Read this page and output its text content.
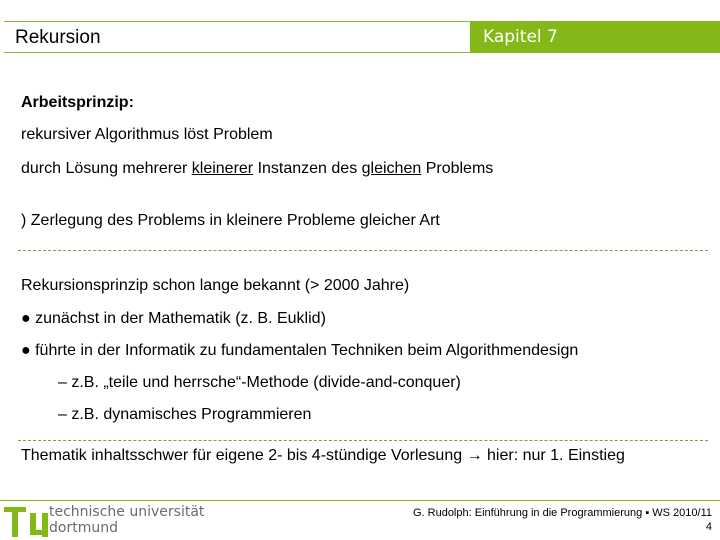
Rekursion	Kapitel 7
Arbeitsprinzip:
rekursiver Algorithmus löst Problem
durch Lösung mehrerer kleinerer Instanzen des gleichen Problems
) Zerlegung des Problems in kleinere Probleme gleicher Art
Rekursionsprinzip schon lange bekannt (> 2000 Jahre)
● zunächst in der Mathematik (z. B. Euklid)
● führte in der Informatik zu fundamentalen Techniken beim Algorithmendesign
– z.B. „teile und herrsche“-Methode (divide-and-conquer)
– z.B. dynamisches Programmieren
Thematik inhaltsschwer für eigene 2- bis 4-stündige Vorlesung → hier: nur 1. Einstieg
technische universität
dortmund
G. Rudolph: Einführung in die Programmierung ▪ WS 2010/11
4
